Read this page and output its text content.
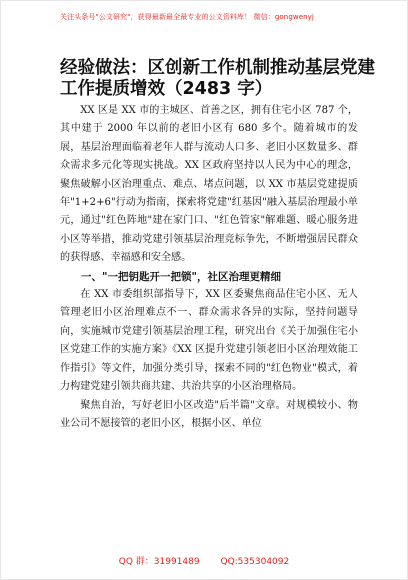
关注头条号"公文研究"，获得最新最全最专业的公文资料库！ 微信：gongwenyj
经验做法：区创新工作机制推动基层党建
工作提质增效（2483 字）

XX 区是 XX 市的主城区、首善之区，拥有住宅小区 787 个，其中建于 2000 年以前的老旧小区有 680 多个。随着城市的发展，基层治理面临着老年人群与流动人口多、老旧小区数量多、群众需求多元化等现实挑战。XX 区政府坚持以人民为中心的理念，聚焦破解小区治理重点、难点、堵点问题，以 XX 市基层党建提质年"1+2+6"行动为指南，探索将党建"红基因"融入基层治理最小单元，通过"红色阵地"建在家门口、"红色管家"解难题、暖心服务进小区等举措，推动党建引领基层治理竞标争先，不断增强居民群众的获得感、幸福感和安全感。

一、"一把钥匙开一把锁"，社区治理更精细

在 XX 市委组织部指导下，XX 区委聚焦商品住宅小区、无人管理老旧小区治理难点不一、群众需求各异的实际，坚持问题导向，实施城市党建引领基层治理工程，研究出台《关于加强住宅小区党建工作的实施方案》《XX 区提升党建引领老旧小区治理效能工作指引》等文件，加强分类引导，探索不同的"红色物业"模式，着力构建党建引领共商共建、共治共享的小区治理格局。

聚焦自治，写好老旧小区改造"后半篇"文章。对规模较小、物业公司不愿接管的老旧小区，根据小区、单位

QQ 群：31991489 QQ:535304092
